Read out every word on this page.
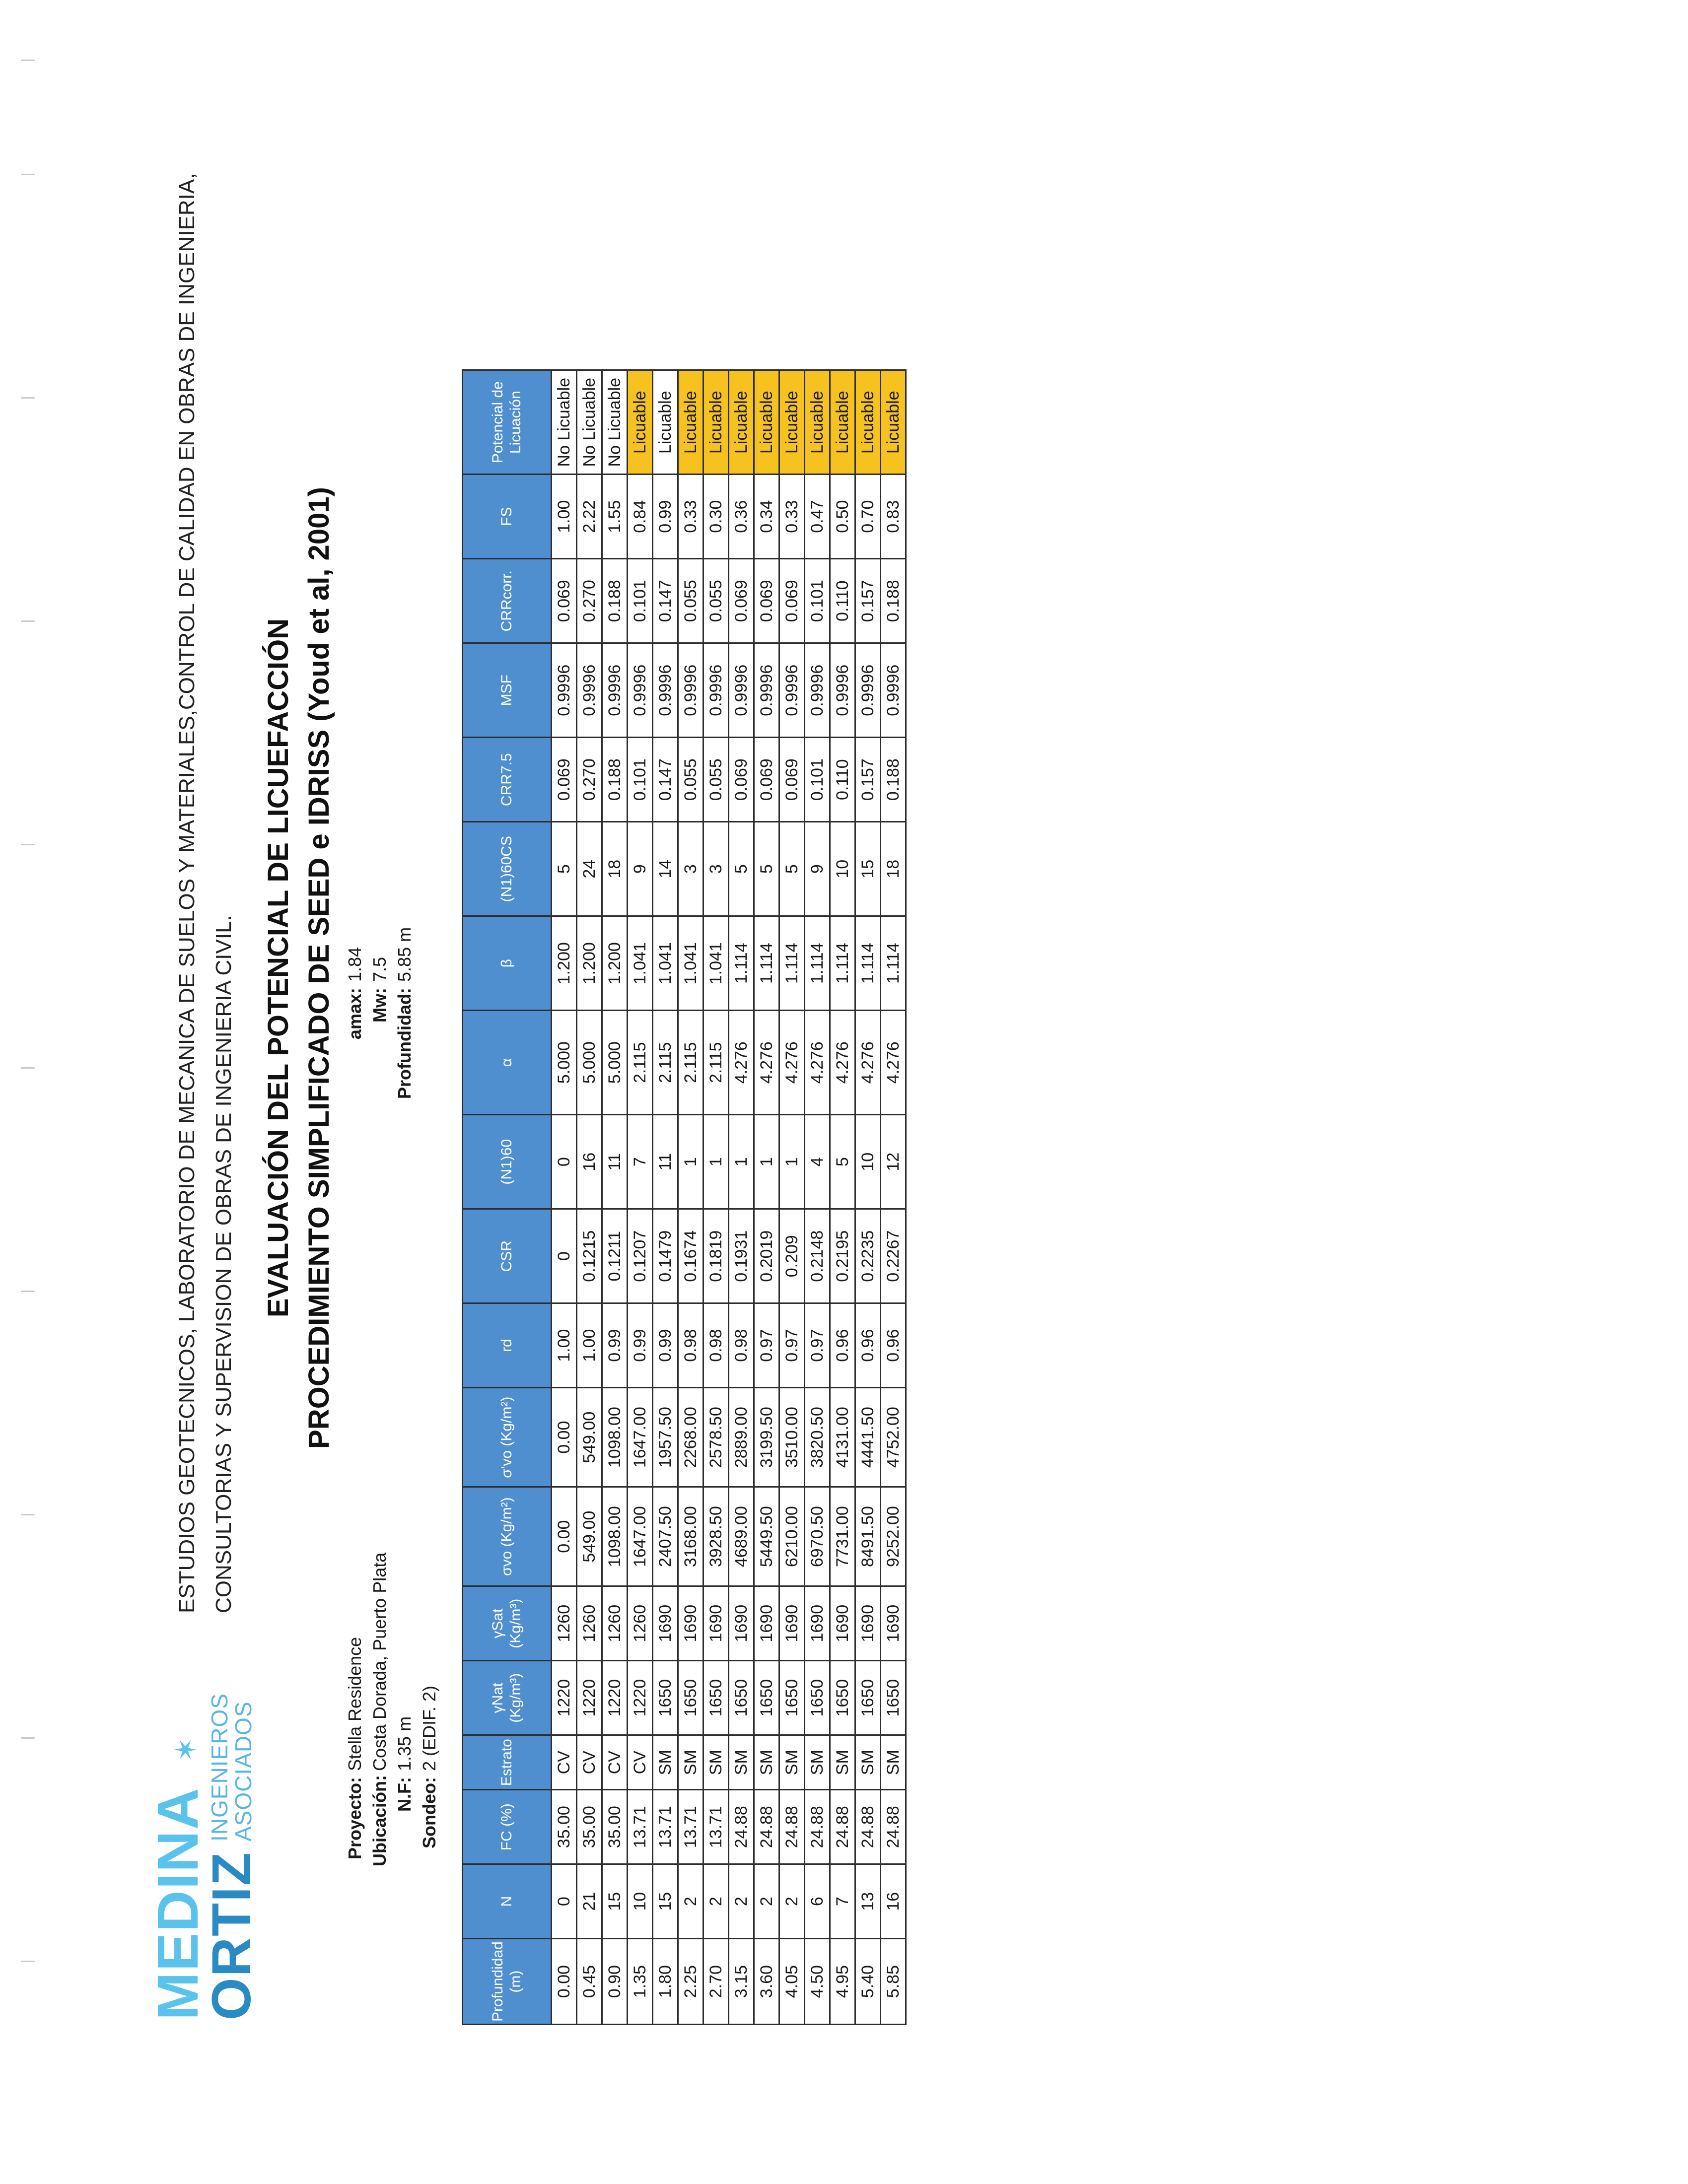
MEDINA
✶
ORTIZ
INGENIEROS
ASOCIADOS
ESTUDIOS GEOTECNICOS, LABORATORIO DE MECANICA DE SUELOS Y MATERIALES,CONTROL DE CALIDAD EN OBRAS DE INGENIERIA, CONSULTORIAS Y SUPERVISION DE OBRAS DE INGENIERIA CIVIL. EVALUACIÓN DEL POTENCIAL DE LICUEFACCIÓN PROCEDIMIENTO SIMPLIFICADO DE SEED e IDRISS (Youd et al, 2001)
Proyecto:Stella Residence
Ubicación:Costa Dorada, Puerto Plata
N.F:1.35 m
Sondeo:2 (EDIF. 2)
amax:1.84
Mw:7.5
Profundidad:5.85 m
Profundidad (m)	N	FC (%)	Estrato	γNat (Kg/m³)	γSat (Kg/m³)	σvo (Kg/m²)	σ'vo (Kg/m²)	rd	CSR	(N1)60	α	β	(N1)60CS	CRR7.5	MSF	CRRcorr.	FS	Potencial de Licuación
0.00	0	35.00	CV	1220	1260	0.00	0.00	1.00	0	0	5.000	1.200	5	0.069	0.9996	0.069	1.00	No Licuable
0.45	21	35.00	CV	1220	1260	549.00	549.00	1.00	0.1215	16	5.000	1.200	24	0.270	0.9996	0.270	2.22	No Licuable
0.90	15	35.00	CV	1220	1260	1098.00	1098.00	0.99	0.1211	11	5.000	1.200	18	0.188	0.9996	0.188	1.55	No Licuable
1.35	10	13.71	CV	1220	1260	1647.00	1647.00	0.99	0.1207	7	2.115	1.041	9	0.101	0.9996	0.101	0.84	Licuable
1.80	15	13.71	SM	1650	1690	2407.50	1957.50	0.99	0.1479	11	2.115	1.041	14	0.147	0.9996	0.147	0.99	Licuable
2.25	2	13.71	SM	1650	1690	3168.00	2268.00	0.98	0.1674	1	2.115	1.041	3	0.055	0.9996	0.055	0.33	Licuable
2.70	2	13.71	SM	1650	1690	3928.50	2578.50	0.98	0.1819	1	2.115	1.041	3	0.055	0.9996	0.055	0.30	Licuable
3.15	2	24.88	SM	1650	1690	4689.00	2889.00	0.98	0.1931	1	4.276	1.114	5	0.069	0.9996	0.069	0.36	Licuable
3.60	2	24.88	SM	1650	1690	5449.50	3199.50	0.97	0.2019	1	4.276	1.114	5	0.069	0.9996	0.069	0.34	Licuable
4.05	2	24.88	SM	1650	1690	6210.00	3510.00	0.97	0.209	1	4.276	1.114	5	0.069	0.9996	0.069	0.33	Licuable
4.50	6	24.88	SM	1650	1690	6970.50	3820.50	0.97	0.2148	4	4.276	1.114	9	0.101	0.9996	0.101	0.47	Licuable
4.95	7	24.88	SM	1650	1690	7731.00	4131.00	0.96	0.2195	5	4.276	1.114	10	0.110	0.9996	0.110	0.50	Licuable
5.40	13	24.88	SM	1650	1690	8491.50	4441.50	0.96	0.2235	10	4.276	1.114	15	0.157	0.9996	0.157	0.70	Licuable
5.85	16	24.88	SM	1650	1690	9252.00	4752.00	0.96	0.2267	12	4.276	1.114	18	0.188	0.9996	0.188	0.83	Licuable
